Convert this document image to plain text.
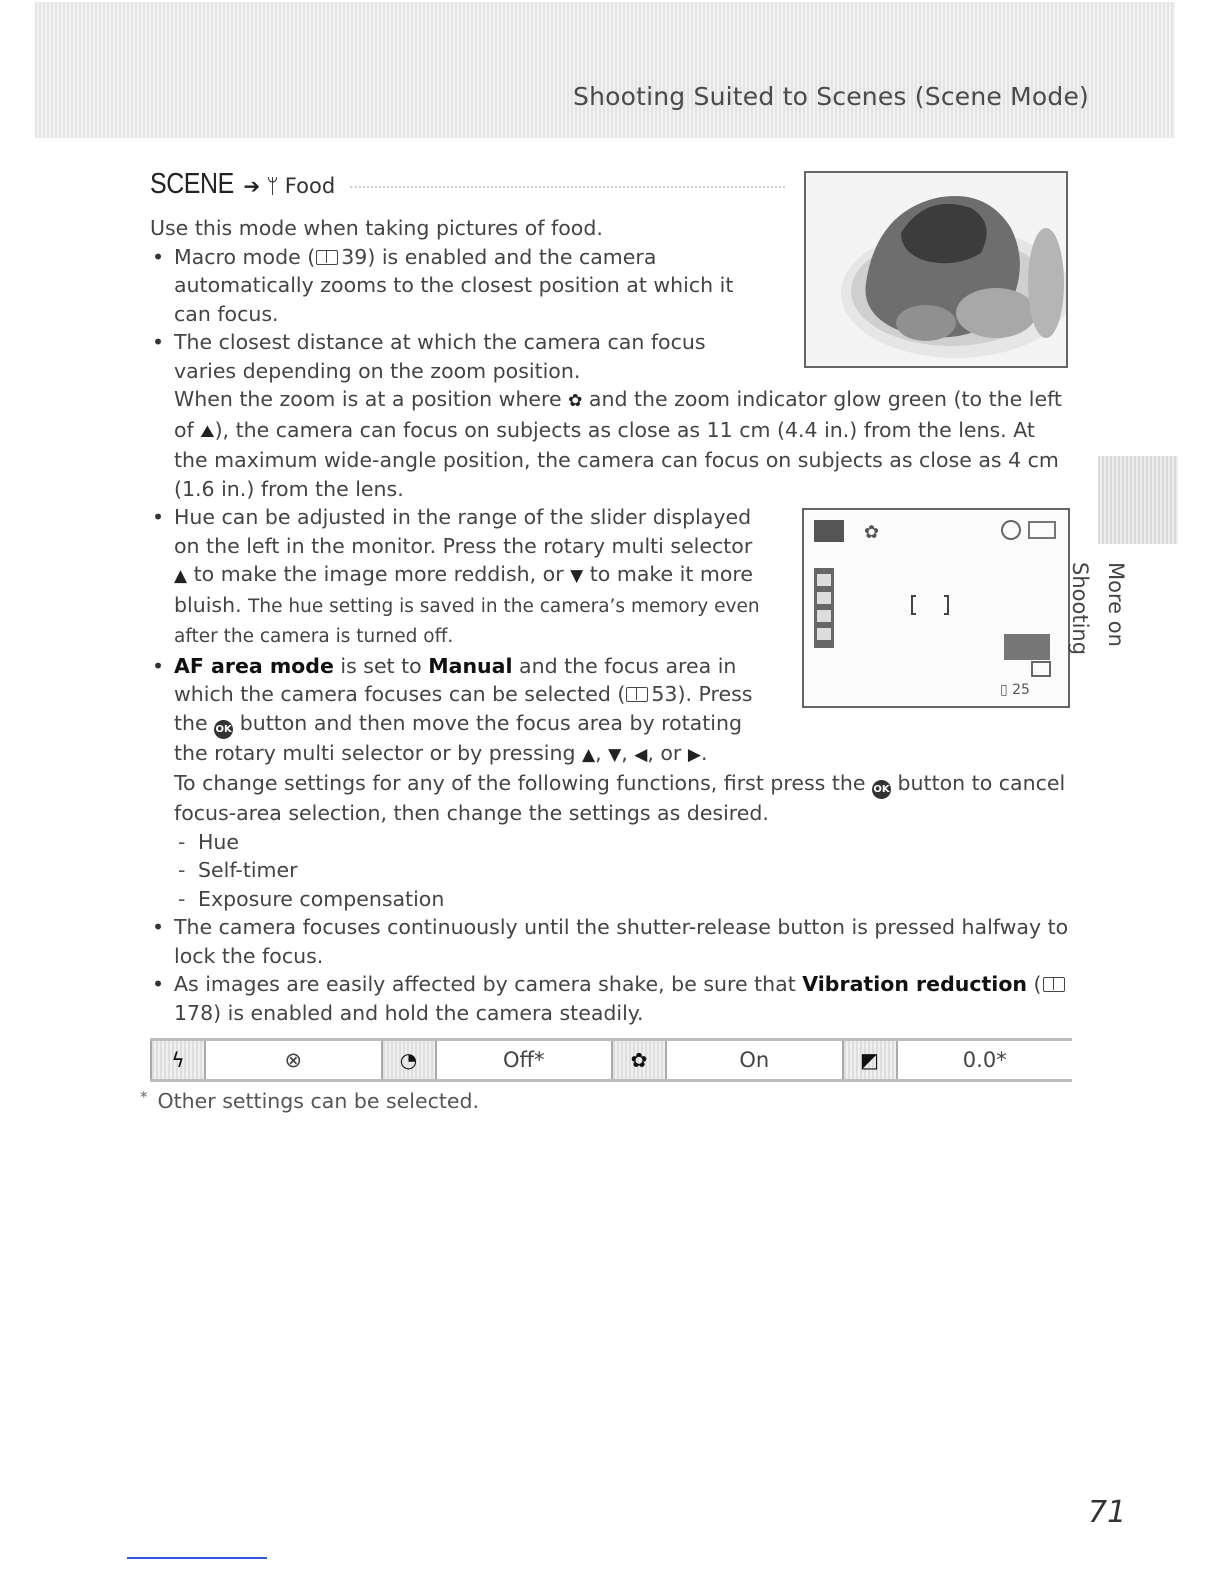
Shooting Suited to Scenes (Scene Mode)
SCENE ➔ ᛘ Food
✿
▯ 25

Use this mode when taking pictures of food.

• Macro mode ( 39) is enabled and the camera automatically zooms to the closest position at which it can focus.
• The closest distance at which the camera can focus varies depending on the zoom position.

When the zoom is at a position where ✿ and the zoom indicator glow green (to the left of ⛰), the camera can focus on subjects as close as 11 cm (4.4 in.) from the lens. At the maximum wide-angle position, the camera can focus on subjects as close as 4 cm (1.6 in.) from the lens.

• Hue can be adjusted in the range of the slider displayed on the left in the monitor. Press the rotary multi selector ▲ to make the image more reddish, or ▼ to make it more bluish. The hue setting is saved in the camera’s memory even after the camera is turned off.
• AF area mode is set to Manual and the focus area in which the camera focuses can be selected ( 53). Press the OK button and then move the focus area by rotating the rotary multi selector or by pressing ▲, ▼, ◀, or ▶.

To change settings for any of the following functions, first press the OK button to cancel focus-area selection, then change the settings as desired.

- Hue
- Self-timer
- Exposure compensation
• The camera focuses continuously until the shutter-release button is pressed halfway to lock the focus.
• As images are easily affected by camera shake, be sure that Vibration reduction (178) is enabled and hold the camera steadily.
ϟ	⊗	◔	Off*	✿	On	◩	0.0*
* Other settings can be selected.
More on Shooting
71
